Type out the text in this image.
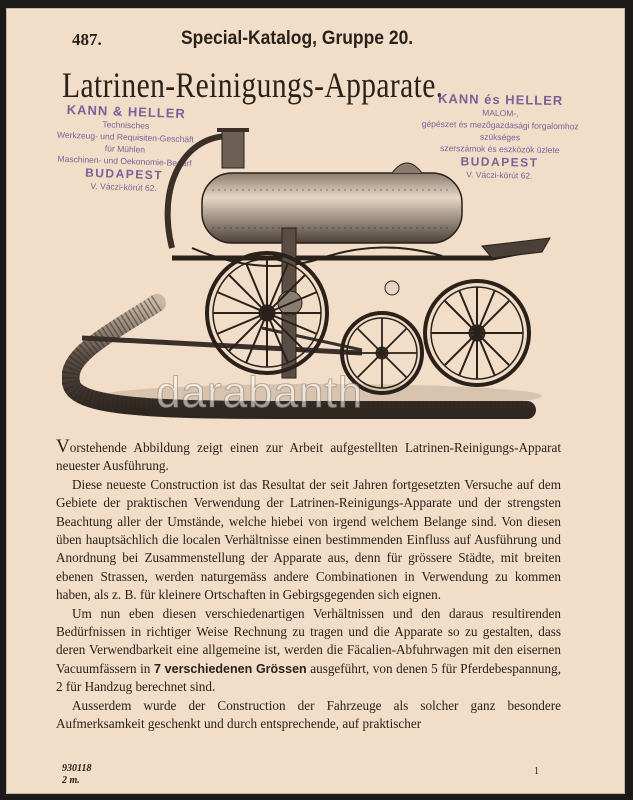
487.	Special-Katalog, Gruppe 20.
Latrinen-Reinigungs-Apparate.
KANN & HELLER
Technisches
Werkzeug- und Requisiten-Geschäft
für Mühlen
Maschinen- und Oekonomie-Bedarf
BUDAPEST
V. Váczi-körút 62.
KANN és HELLER
MALOM-,
gépészet és mezőgazdasági forgalomhoz
szükséges
szerszámok és eszközök üzlete
BUDAPEST
V. Váczi-körút 62.
darabanth

Vorstehende Abbildung zeigt einen zur Arbeit aufgestellten Latrinen-Reinigungs-Apparat neuester Ausführung.

Diese neueste Construction ist das Resultat der seit Jahren fortgesetzten Versuche auf dem Gebiete der praktischen Verwendung der Latrinen-Reinigungs-Apparate und der strengsten Beachtung aller der Umstände, welche hiebei von irgend welchem Belange sind. Von diesen üben hauptsächlich die localen Verhältnisse einen bestimmenden Einfluss auf Ausführung und Anordnung bei Zusammenstellung der Apparate aus, denn für grössere Städte, mit breiten ebenen Strassen, werden naturgemäss andere Combinationen in Verwendung zu kommen haben, als z. B. für kleinere Ortschaften in Gebirgsgegenden sich eignen.

Um nun eben diesen verschiedenartigen Verhältnissen und den daraus resultirenden Bedürfnissen in richtiger Weise Rechnung zu tragen und die Apparate so zu gestalten, dass deren Verwendbarkeit eine allgemeine ist, werden die Fäcalien-Abfuhrwagen mit den eisernen Vacuumfässern in 7 verschiedenen Grössen ausgeführt, von denen 5 für Pferdebespannung, 2 für Handzug berechnet sind.

Ausserdem wurde der Construction der Fahrzeuge als solcher ganz besondere Aufmerksamkeit geschenkt und durch entsprechende, auf praktischer

930118
2 m.
1
